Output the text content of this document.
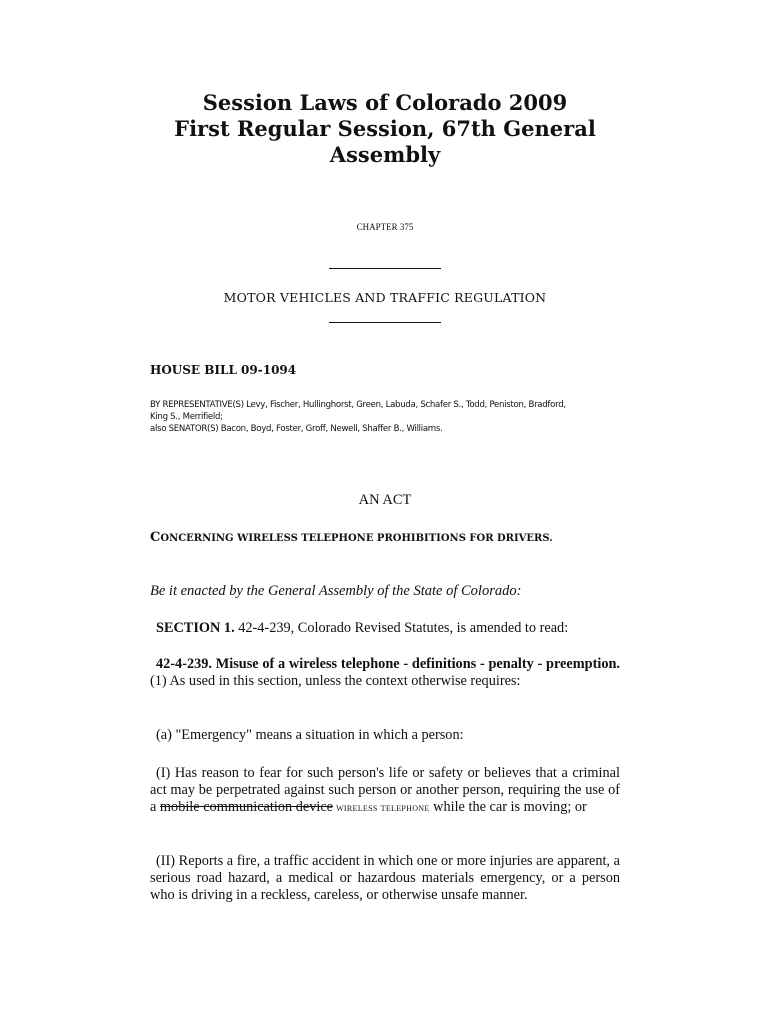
Session Laws of Colorado 2009
First Regular Session, 67th General
Assembly
CHAPTER 375
MOTOR VEHICLES AND TRAFFIC REGULATION
HOUSE BILL 09-1094
BY REPRESENTATIVE(S) Levy, Fischer, Hullinghorst, Green, Labuda, Schafer S., Todd, Peniston, Bradford,
King S., Merrifield;
also SENATOR(S) Bacon, Boyd, Foster, Groff, Newell, Shaffer B., Williams.
AN ACT
CONCERNING WIRELESS TELEPHONE PROHIBITIONS FOR DRIVERS.
Be it enacted by the General Assembly of the State of Colorado:
SECTION 1. 42-4-239, Colorado Revised Statutes, is amended to read:
42-4-239. Misuse of a wireless telephone - definitions - penalty - preemption. (1) As used in this section, unless the context otherwise requires:
(a) "Emergency" means a situation in which a person:
(I) Has reason to fear for such person's life or safety or believes that a criminal act may be perpetrated against such person or another person, requiring the use of a mobile communication device wireless telephone while the car is moving; or
(II) Reports a fire, a traffic accident in which one or more injuries are apparent, a serious road hazard, a medical or hazardous materials emergency, or a person who is driving in a reckless, careless, or otherwise unsafe manner.
